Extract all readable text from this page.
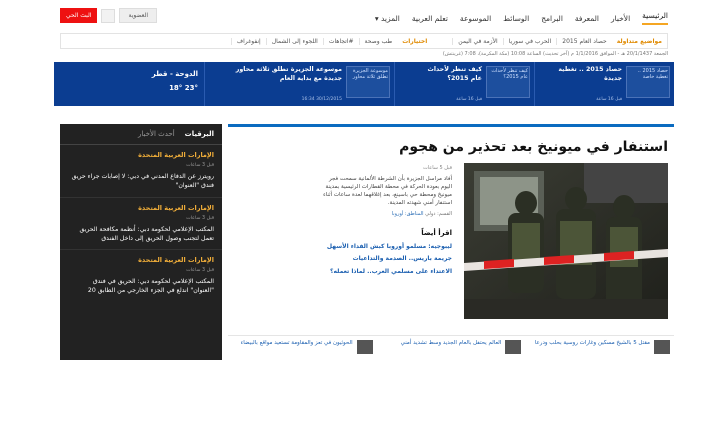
الرئيسية
الأخبار
المعرفة
البرامج
الوسائط
الموسوعة
تعلم العربية
المزيد ▾
العضوية
البث الحي
مواضيع متداولة
حصاد العام 2015
الحرب في سوريا
الأزمة في اليمن
اختيارات
طب وصحة
#اتجاهات
اللجوء إلى الشمال
إنفوغراف
الجمعة 20/1/1437 هـ - الموافق 1/1/2016 م (آخر تحديث) الساعة 10:08 (مكة المكرمة)، 7:08 (غرينتش)
حصاد 2015 .. تغطية خاصة
حصاد 2015 .. تغطية جديدة
قبل 16 ساعة
كيف تنظر لأحداث عام 2015؟
كيف تنظر لأحداث عام 2015؟
قبل 16 ساعة
موسوعة الجزيرة تطلق ثلاثة محاور
موسوعة الجزيرة تطلق ثلاثة محاور جديدة مع بداية العام
30/12/2015 16:34
الدوحة - قطر
23° 18°
البرقيات
أحدث الأخبار
الإمارات العربية المتحدة
قبل 3 ساعات
رويترز عن الدفاع المدني في دبي: لا إصابات جراء حريق فندق "العنوان"
الإمارات العربية المتحدة
قبل 3 ساعات
المكتب الإعلامي لحكومة دبي: أنظمة مكافحة الحريق تعمل لتجنب وصول الحريق إلى داخل الفندق
الإمارات العربية المتحدة
قبل 3 ساعات
المكتب الإعلامي لحكومة دبي: الحريق في فندق "العنوان" اندلع في الجزء الخارجي من الطابق 20
استنفار في ميونيخ بعد تحذير من هجوم
قبل 5 ساعات
أفاد مراسل الجزيرة بأن الشرطة الألمانية سمحت فجر اليوم بعودة الحركة في محطة القطارات الرئيسية بمدينة ميونيخ ومحطة حي باسينغ، بعد إغلاقهما لعدة ساعات أثناء استنفار أمني شهدته المدينة.
القسم: دولي المناطق: أوروبا
اقرأ أيضاً
ليبوجيه: مسلمو أوروبا كبش الفداء الأسهل
جريمة باريس.. الصدمة والتداعيات
الاعتداء على مسلمي الغرب.. لماذا تعمله؟
مقتل 5 بالشيخ مسكين وغارات روسية بحلب ودرعا
العالم يحتفل بالعام الجديد وسط تشديد أمني
الحوثيون في تعز والمقاومة تستعيد مواقع بالبيضاء
